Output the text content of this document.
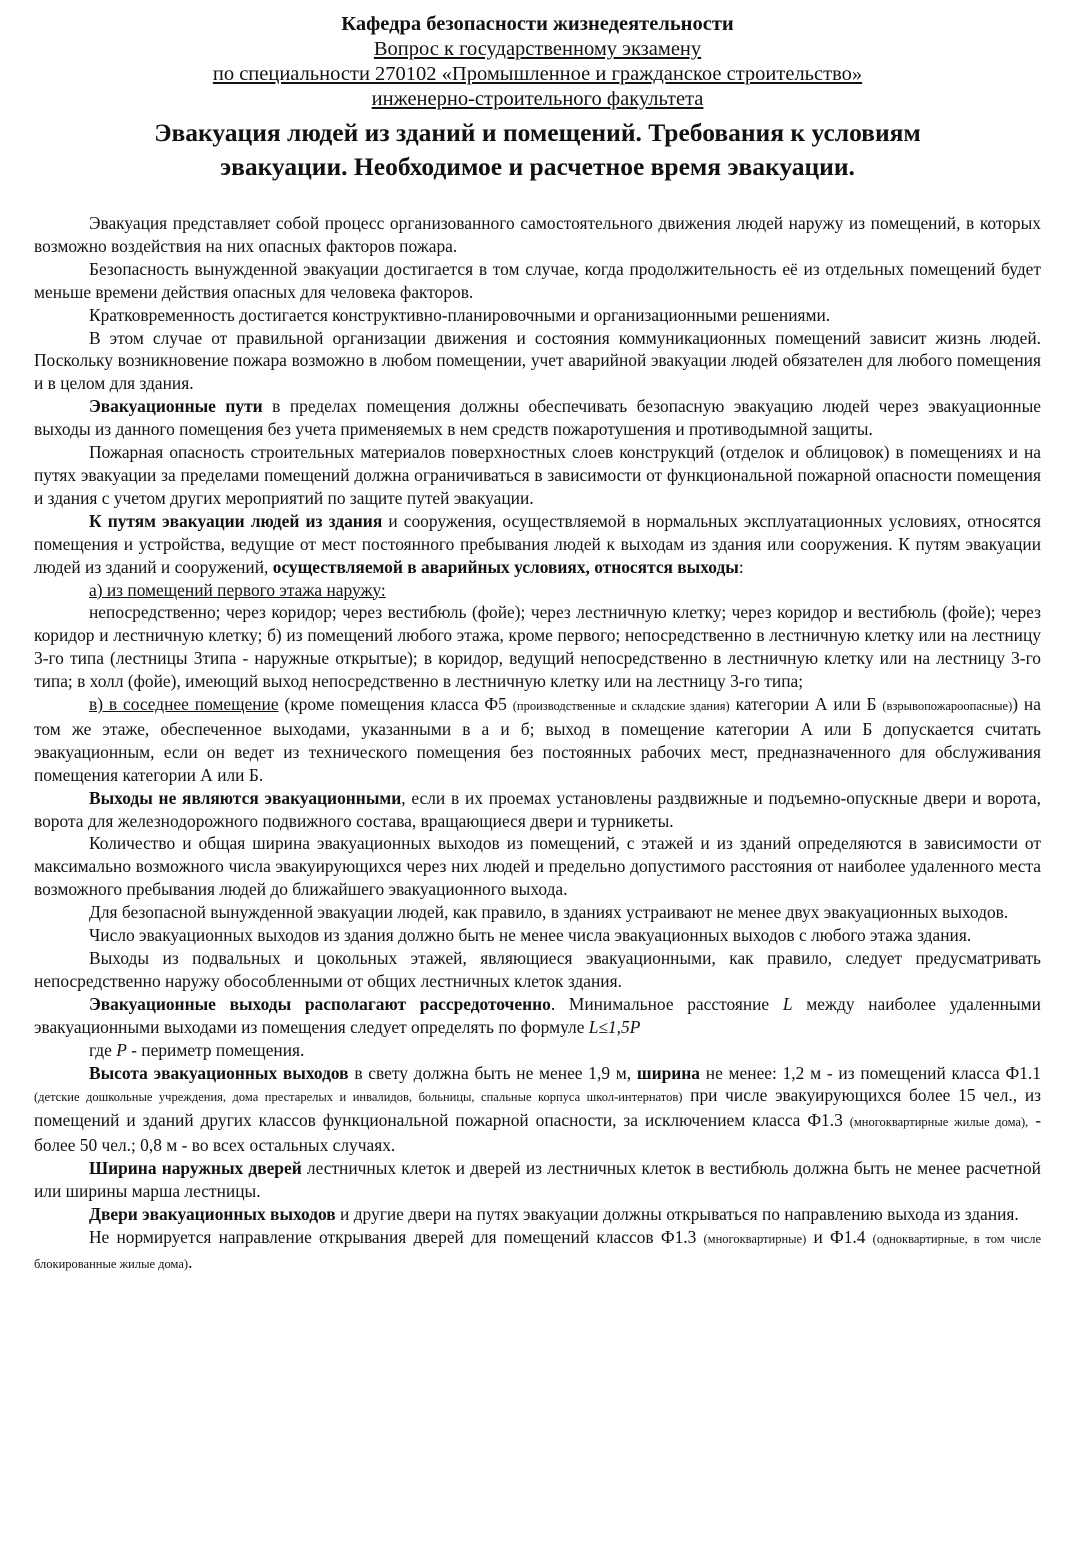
Кафедра безопасности жизнедеятельности
Вопрос к государственному экзамену
по специальности 270102 «Промышленное и гражданское строительство»
инженерно-строительного факультета
Эвакуация людей из зданий и помещений. Требования к условиям
эвакуации. Необходимое и расчетное время эвакуации.

Эвакуация представляет собой процесс организованного самостоятельного движения людей наружу из помещений, в которых возможно воздействия на них опасных факторов пожара.

Безопасность вынужденной эвакуации достигается в том случае, когда продолжительность её из отдельных помещений будет меньше времени действия опасных для человека факторов.

Кратковременность достигается конструктивно-планировочными и организационными решениями.

В этом случае от правильной организации движения и состояния коммуникационных помещений зависит жизнь людей. Поскольку возникновение пожара возможно в любом помещении, учет аварийной эвакуации людей обязателен для любого помещения и в целом для здания.

Эвакуационные пути в пределах помещения должны обеспечивать безопасную эвакуацию людей через эвакуационные выходы из данного помещения без учета применяемых в нем средств пожаротушения и противодымной защиты.

Пожарная опасность строительных материалов поверхностных слоев конструкций (отделок и облицовок) в помещениях и на путях эвакуации за пределами помещений должна ограничиваться в зависимости от функциональной пожарной опасности помещения и здания с учетом других мероприятий по защите путей эвакуации.

К путям эвакуации людей из здания и сооружения, осуществляемой в нормальных эксплуатационных условиях, относятся помещения и устройства, ведущие от мест постоянного пребывания людей к выходам из здания или сооружения. К путям эвакуации людей из зданий и сооружений, осуществляемой в аварийных условиях, относятся выходы:

а) из помещений первого этажа наружу:

непосредственно; через коридор; через вестибюль (фойе); через лестничную клетку; через коридор и вестибюль (фойе); через коридор и лестничную клетку; б) из помещений любого этажа, кроме первого; непосредственно в лестничную клетку или на лестницу 3-го типа (лестницы 3типа - наружные открытые); в коридор, ведущий непосредственно в лестничную клетку или на лестницу 3-го типа; в холл (фойе), имеющий выход непосредственно в лестничную клетку или на лестницу 3-го типа;

в) в соседнее помещение (кроме помещения класса Ф5 (производственные и складские здания) категории А или Б (взрывопожароопасные)) на том же этаже, обеспеченное выходами, указанными в а и б; выход в помещение категории А или Б допускается считать эвакуационным, если он ведет из технического помещения без постоянных рабочих мест, предназначенного для обслуживания помещения категории А или Б.

Выходы не являются эвакуационными, если в их проемах установлены раздвижные и подъемно-опускные двери и ворота, ворота для железнодорожного подвижного состава, вращающиеся двери и турникеты.

Количество и общая ширина эвакуационных выходов из помещений, с этажей и из зданий определяются в зависимости от максимально возможного числа эвакуирующихся через них людей и предельно допустимого расстояния от наиболее удаленного места возможного пребывания людей до ближайшего эвакуационного выхода.

Для безопасной вынужденной эвакуации людей, как правило, в зданиях устраивают не менее двух эвакуационных выходов.

Число эвакуационных выходов из здания должно быть не менее числа эвакуационных выходов с любого этажа здания.

Выходы из подвальных и цокольных этажей, являющиеся эвакуационными, как правило, следует предусматривать непосредственно наружу обособленными от общих лестничных клеток здания.

Эвакуационные выходы располагают рассредоточенно. Минимальное расстояние L между наиболее удаленными эвакуационными выходами из помещения следует определять по формуле L≤1,5P

где P - периметр помещения.

Высота эвакуационных выходов в свету должна быть не менее 1,9 м, ширина не менее: 1,2 м - из помещений класса Ф1.1 (детские дошкольные учреждения, дома престарелых и инвалидов, больницы, спальные корпуса школ-интернатов) при числе эвакуирующихся более 15 чел., из помещений и зданий других классов функциональной пожарной опасности, за исключением класса Ф1.3 (многоквартирные жилые дома), - более 50 чел.; 0,8 м - во всех остальных случаях.

Ширина наружных дверей лестничных клеток и дверей из лестничных клеток в вестибюль должна быть не менее расчетной или ширины марша лестницы.

Двери эвакуационных выходов и другие двери на путях эвакуации должны открываться по направлению выхода из здания.

Не нормируется направление открывания дверей для помещений классов Ф1.3 (многоквартирные) и Ф1.4 (одноквартирные, в том числе блокированные жилые дома).
